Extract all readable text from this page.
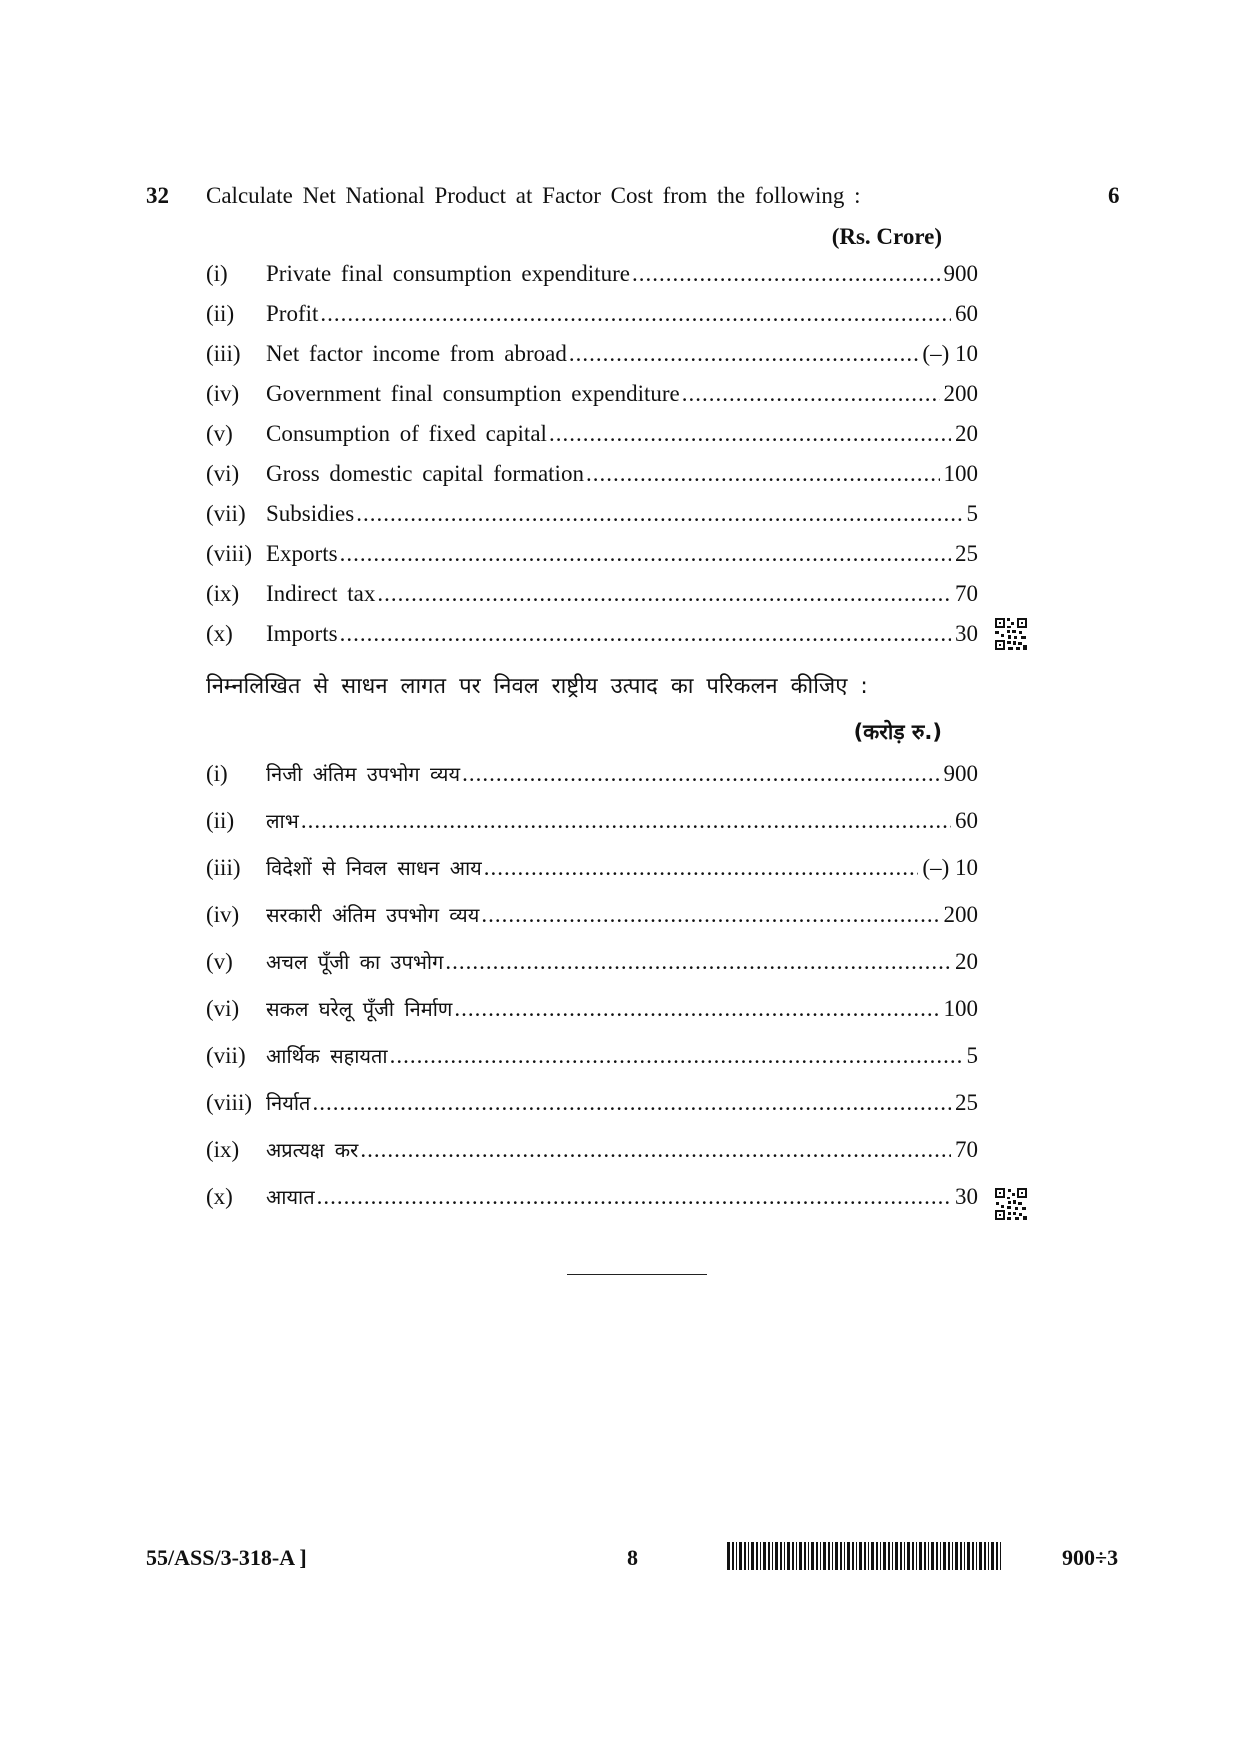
32 Calculate Net National Product at Factor Cost from the following :	6
(Rs. Crore)
(i)	Private final consumption expenditure .....	900
(ii)	Profit .....	60
(iii)	Net factor income from abroad .....	(–) 10
(iv)	Government final consumption expenditure .....	200
(v)	Consumption of fixed capital .....	20
(vi)	Gross domestic capital formation .....	100
(vii) Subsidies .....	5
(viii) Exports .....	25
(ix)	Indirect tax .....	70
(x)	Imports .....	30
निम्नलिखित से साधन लागत पर निवल राष्ट्रीय उत्पाद का परिकलन कीजिए :
(करोड़ रु.)
(i)	निजी अंतिम उपभोग व्यय .....	900
(ii)	लाभ .....	60
(iii)	विदेशों से निवल साधन आय .....	(–) 10
(iv)	सरकारी अंतिम उपभोग व्यय .....	200
(v)	अचल पूँजी का उपभोग .....	20
(vi)	सकल घरेलू पूँजी निर्माण .....	100
(vii)	आर्थिक सहायता .....	5
(viii) निर्यात .....	25
(ix)	अप्रत्यक्ष कर .....	70
(x)	आयात .....	30
55/ASS/3-318-A ]	8	900÷3
